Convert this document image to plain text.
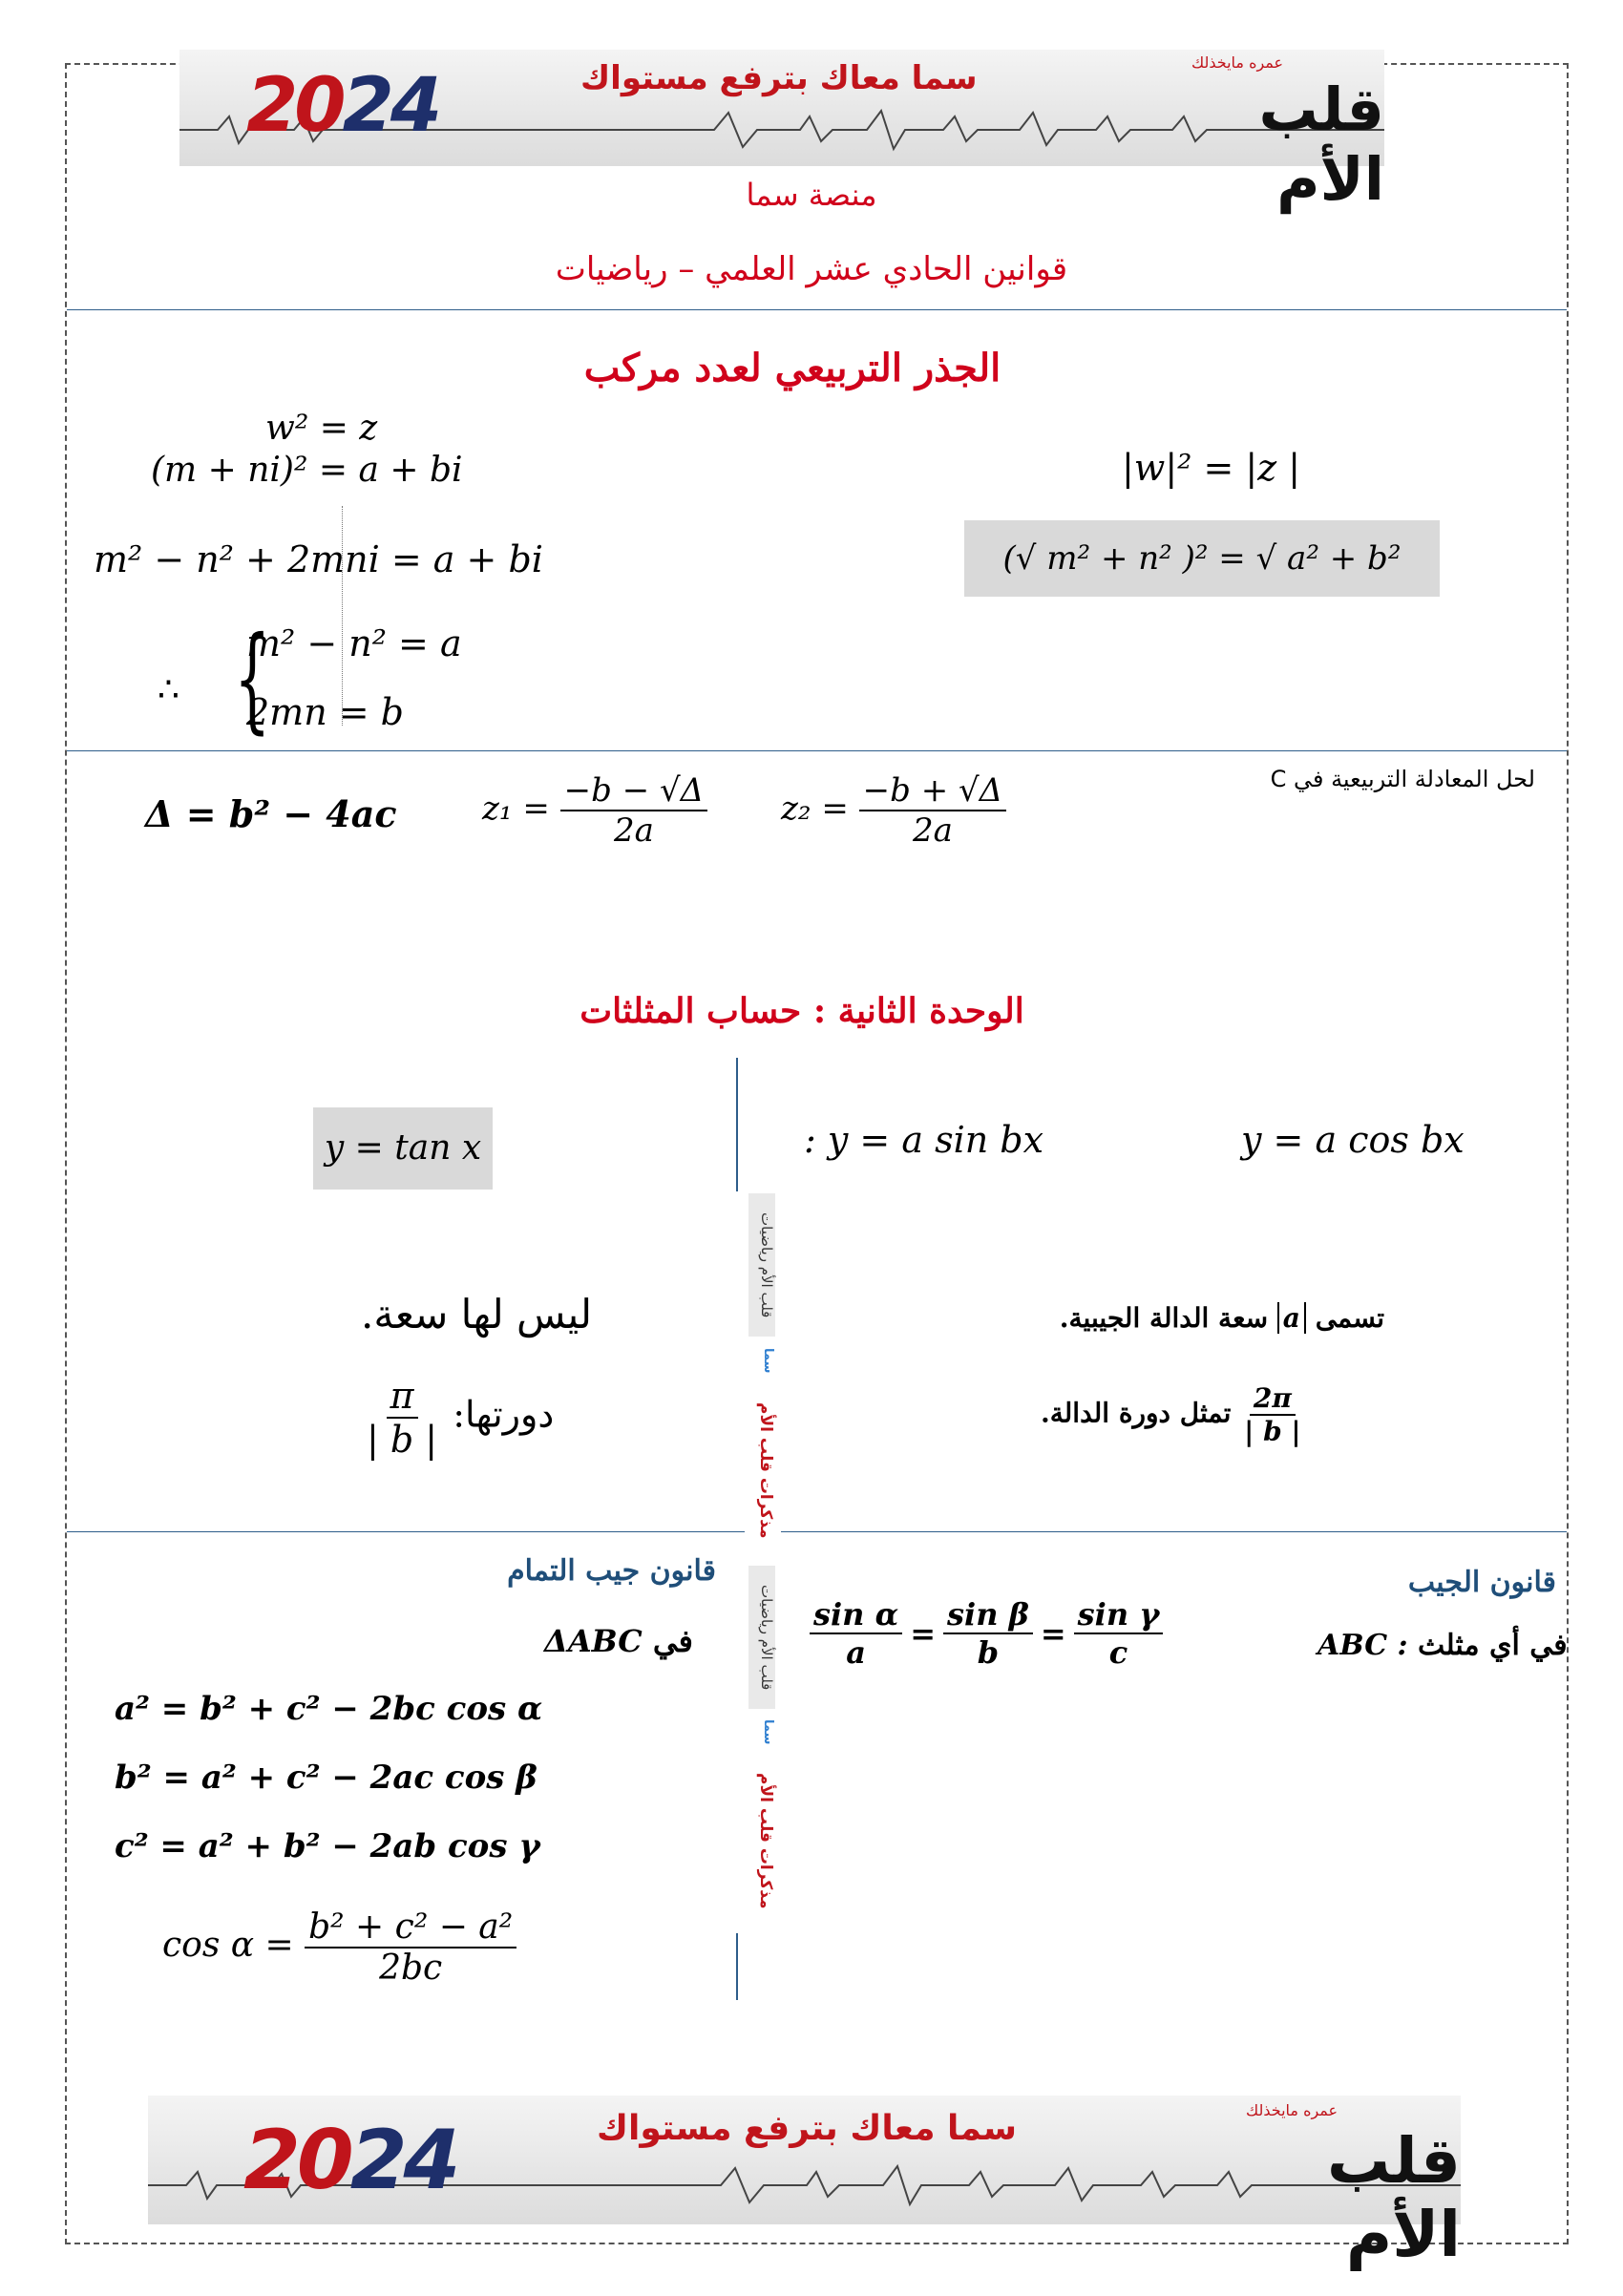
2024	سما معاك بترفع مستواك	عمره مايخذلك
قلب الأم
منصة سما
قوانين الحادي عشر العلمي – رياضيات
الجذر التربيعي لعدد مركب
w² = z
(m + ni)² = a + bi
m² − n² + 2mni = a + bi
∴ {
m² − n² = a
2mn = b
|w|² = |z |
(√ m² + n² )² = √ a² + b²
لحل المعادلة التربيعية في C
Δ = b² − 4ac	$z_1 = \frac{-b - √\Delta}{2a} z_2 = \frac{-b + √\Delta}{2a}$
الوحدة الثانية : حساب المثلثات
y = tan x	: y = a sin bx	y = a cos bx
ليس لها سعة.
$\frac{\pi}{| b |}$ دورتها:
تسمى a سعة الدالة الجيبية.
تمثل دورة الدالة. $\frac{2\pi}{| b |}$
قلب الأم رياضيات
سما
مذكرات قلب الأم
قلب الأم رياضيات
سما
مذكرات قلب الأم
قانون جيب التمام
ΔABC في
a² = b² + c² − 2bc cos α
b² = a² + c² − 2ac cos β
c² = a² + b² − 2ab cos γ
$\cos \alpha = \frac{\text{b² + c² − a²}}{2bc}$
قانون الجيب
ABC : في أي مثلث
$\frac{\text{sin α}}{a} = \frac{\text{sin β}}{b} = \frac{\text{sin γ}}{c}$
2024	سما معاك بترفع مستواك	عمره مايخذلك
قلب الأم
